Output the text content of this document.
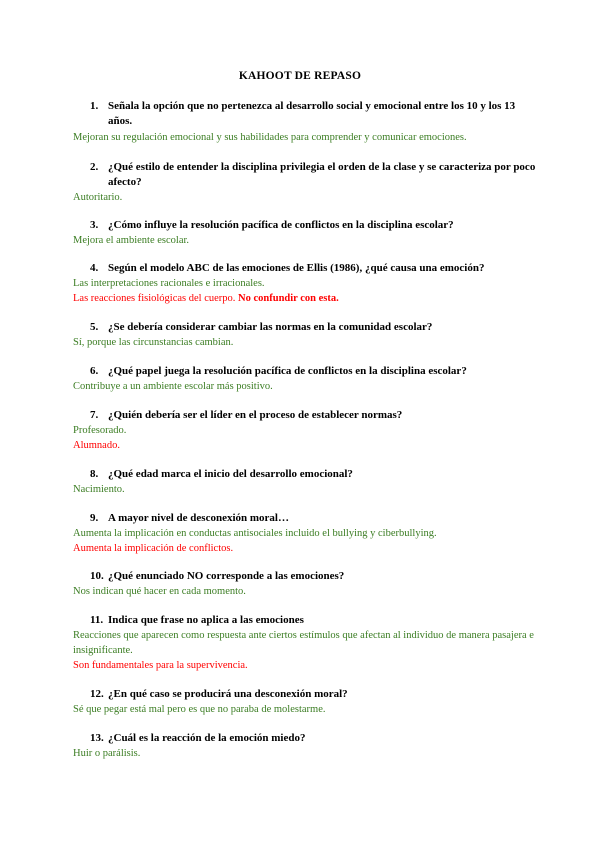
KAHOOT DE REPASO
1. Señala la opción que no pertenezca al desarrollo social y emocional entre los 10 y los 13 años.
Mejoran su regulación emocional y sus habilidades para comprender y comunicar emociones.
2. ¿Qué estilo de entender la disciplina privilegia el orden de la clase y se caracteriza por poco afecto?
Autoritario.
3. ¿Cómo influye la resolución pacífica de conflictos en la disciplina escolar?
Mejora el ambiente escolar.
4. Según el modelo ABC de las emociones de Ellis (1986), ¿qué causa una emoción?
Las interpretaciones racionales e irracionales.
Las reacciones fisiológicas del cuerpo. No confundir con esta.
5. ¿Se debería considerar cambiar las normas en la comunidad escolar?
Sí, porque las circunstancias cambian.
6. ¿Qué papel juega la resolución pacífica de conflictos en la disciplina escolar?
Contribuye a un ambiente escolar más positivo.
7. ¿Quién debería ser el líder en el proceso de establecer normas?
Profesorado.
Alumnado.
8. ¿Qué edad marca el inicio del desarrollo emocional?
Nacimiento.
9. A mayor nivel de desconexión moral…
Aumenta la implicación en conductas antisociales incluido el bullying y ciberbullying.
Aumenta la implicación de conflictos.
10. ¿Qué enunciado NO corresponde a las emociones?
Nos indican qué hacer en cada momento.
11. Indica que frase no aplica a las emociones
Reacciones que aparecen como respuesta ante ciertos estímulos que afectan al individuo de manera pasajera e insignificante.
Son fundamentales para la supervivencia.
12. ¿En qué caso se producirá una desconexión moral?
Sé que pegar está mal pero es que no paraba de molestarme.
13. ¿Cuál es la reacción de la emoción miedo?
Huir o parálisis.
